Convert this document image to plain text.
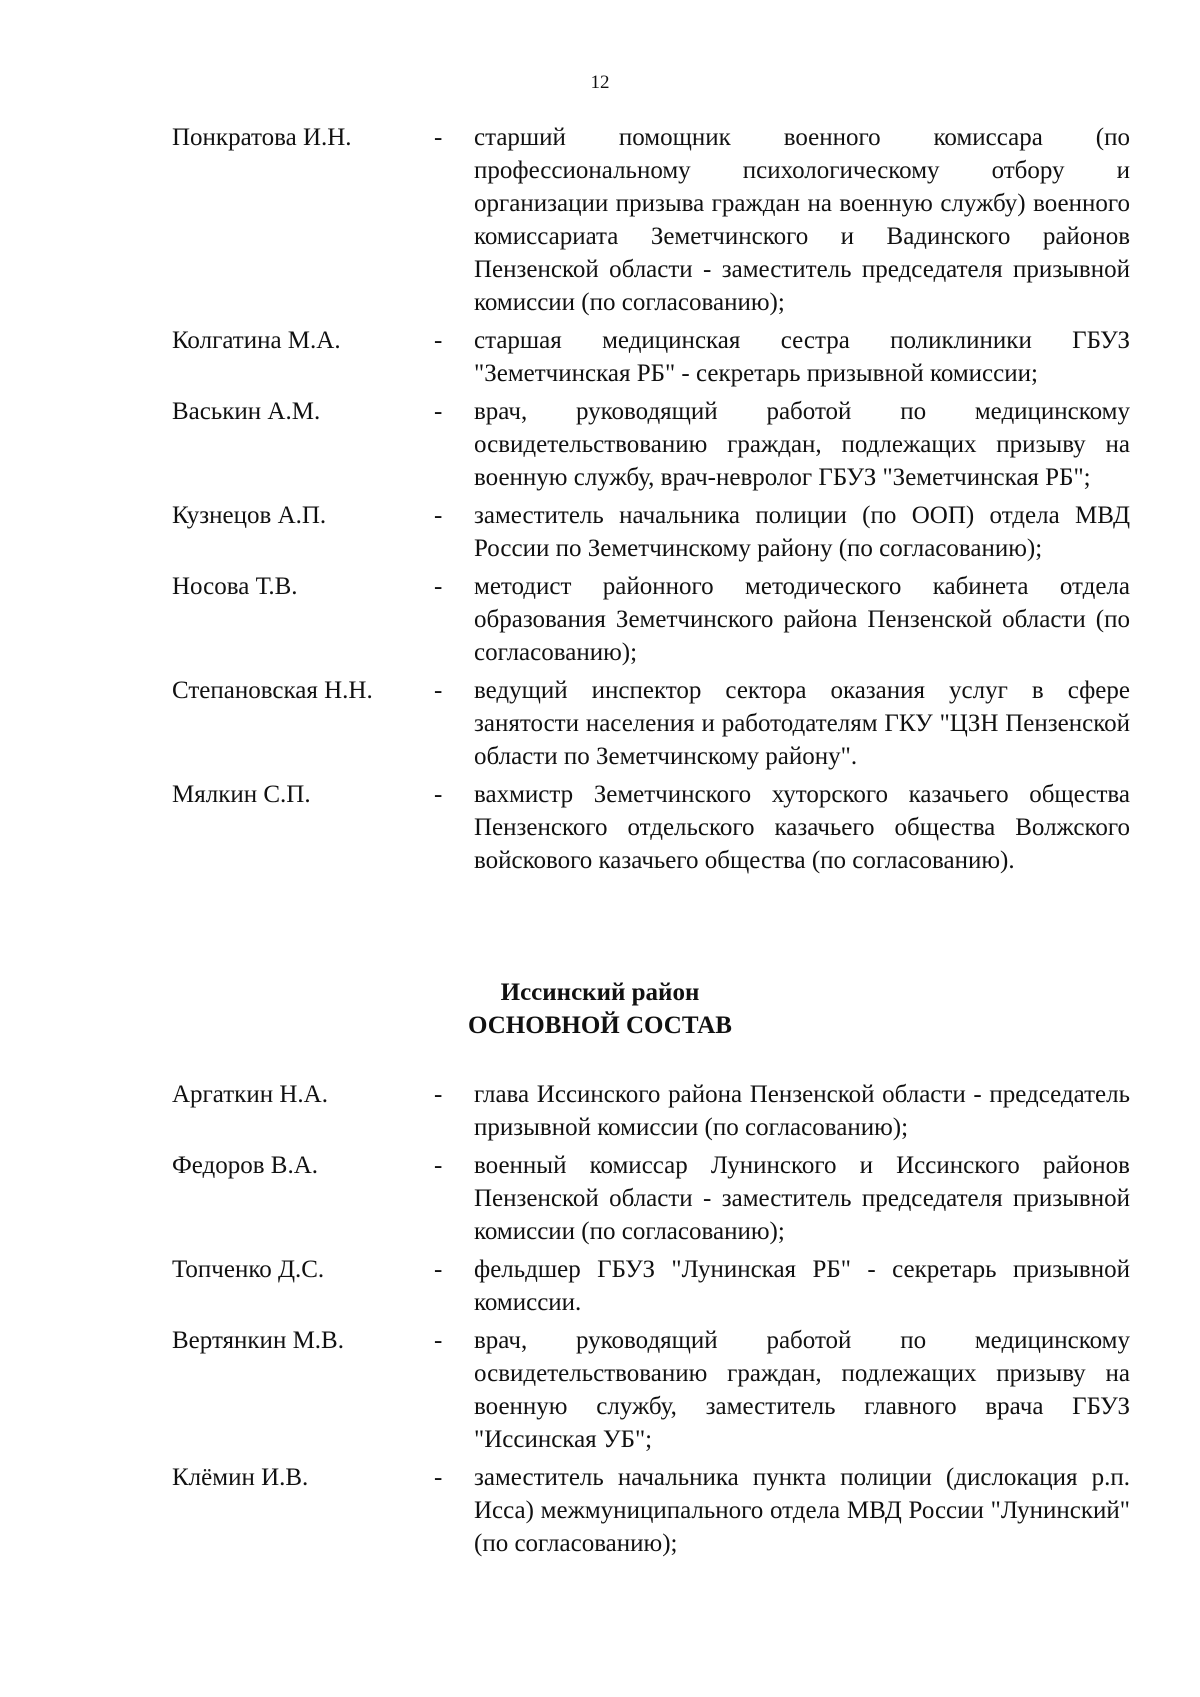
12
Понкратова И.Н.	-	старший помощник военного комиссара (по профессиональному психологическому отбору и организации призыва граждан на военную службу) военного комиссариата Земетчинского и Вадинского районов Пензенской области - заместитель председателя призывной комиссии (по согласованию);
Колгатина М.А.	-	старшая медицинская сестра поликлиники ГБУЗ "Земетчинская РБ" - секретарь призывной комиссии;
Васькин А.М.	-	врач, руководящий работой по медицинскому освидетельствованию граждан, подлежащих призыву на военную службу, врач-невролог ГБУЗ "Земетчинская РБ";
Кузнецов А.П.	-	заместитель начальника полиции (по ООП) отдела МВД России по Земетчинскому району (по согласованию);
Носова Т.В.	-	методист районного методического кабинета отдела образования Земетчинского района Пензенской области (по согласованию);
Степановская Н.Н.	-	ведущий инспектор сектора оказания услуг в сфере занятости населения и работодателям ГКУ "ЦЗН Пензенской области по Земетчинскому району".
Мялкин С.П.	-	вахмистр Земетчинского хуторского казачьего общества Пензенского отдельского казачьего общества Волжского войскового казачьего общества (по согласованию).
Иссинский район
ОСНОВНОЙ СОСТАВ
Аргаткин Н.А.	-	глава Иссинского района Пензенской области - председатель призывной комиссии (по согласованию);
Федоров В.А.	-	военный комиссар Лунинского и Иссинского районов Пензенской области - заместитель председателя призывной комиссии (по согласованию);
Топченко Д.С.	-	фельдшер ГБУЗ "Лунинская РБ" - секретарь призывной комиссии.
Вертянкин М.В.	-	врач, руководящий работой по медицинскому освидетельствованию граждан, подлежащих призыву на военную службу, заместитель главного врача ГБУЗ "Иссинская УБ";
Клёмин И.В.	-	заместитель начальника пункта полиции (дислокация р.п. Исса) межмуниципального отдела МВД России "Лунинский" (по согласованию);
